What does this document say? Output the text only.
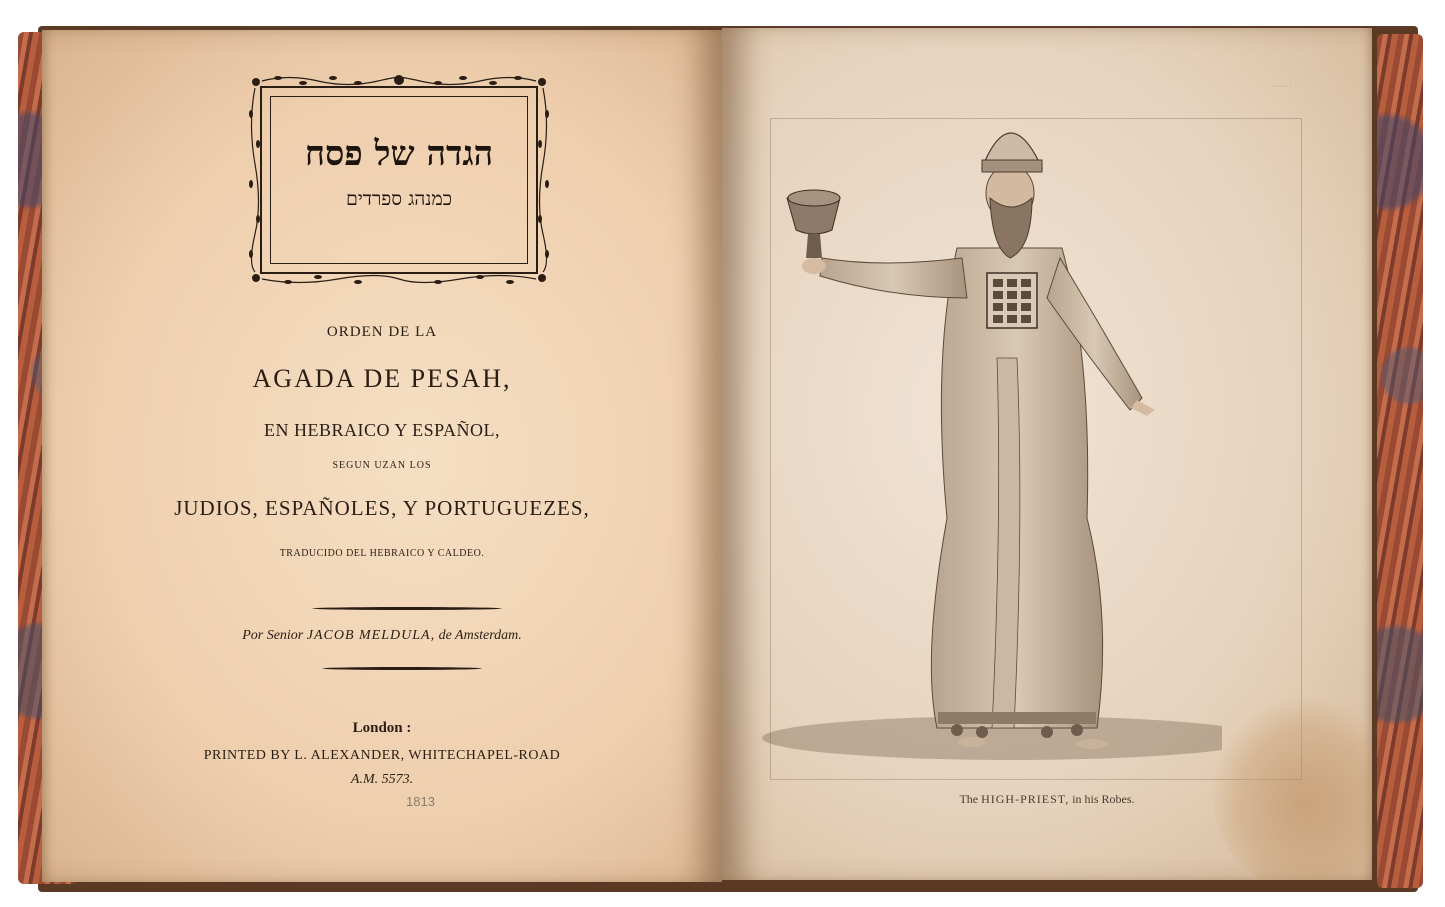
הגדה של פסח
כמנהג ספרדים
ORDEN DE LA
AGADA DE PESAH,
EN HEBRAICO Y ESPAÑOL,
SEGUN UZAN LOS
JUDIOS, ESPAÑOLES, Y PORTUGUEZES,
TRADUCIDO DEL HEBRAICO Y CALDEO.
Por Senior JACOB MELDULA, de Amsterdam.
London :
PRINTED BY L. ALEXANDER, WHITECHAPEL-ROAD
A.M. 5573.
1813
· · · · · ·
The HIGH-PRIEST, in his Robes.
